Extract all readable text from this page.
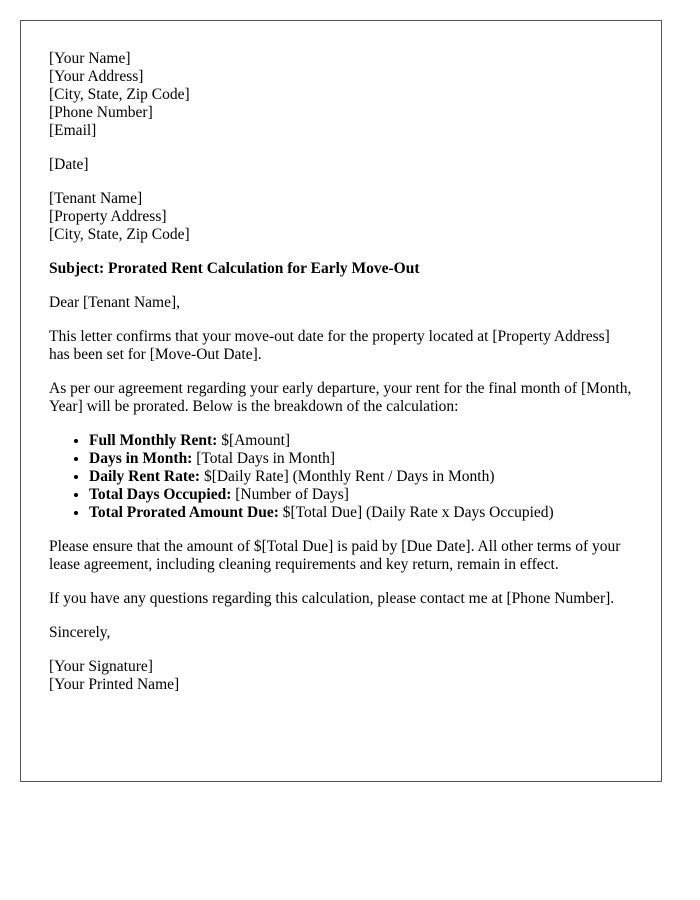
[Your Name]
[Your Address]
[City, State, Zip Code]
[Phone Number]
[Email]
[Date]
[Tenant Name]
[Property Address]
[City, State, Zip Code]

Subject: Prorated Rent Calculation for Early Move-Out

Dear [Tenant Name],

This letter confirms that your move-out date for the property located at [Property Address] has been set for [Move-Out Date].

As per our agreement regarding your early departure, your rent for the final month of [Month, Year] will be prorated. Below is the breakdown of the calculation:

• Full Monthly Rent: $[Amount]
• Days in Month: [Total Days in Month]
• Daily Rent Rate: $[Daily Rate] (Monthly Rent / Days in Month)
• Total Days Occupied: [Number of Days]
• Total Prorated Amount Due: $[Total Due] (Daily Rate x Days Occupied)

Please ensure that the amount of $[Total Due] is paid by [Due Date]. All other terms of your lease agreement, including cleaning requirements and key return, remain in effect.

If you have any questions regarding this calculation, please contact me at [Phone Number].

Sincerely,

[Your Signature]
[Your Printed Name]
